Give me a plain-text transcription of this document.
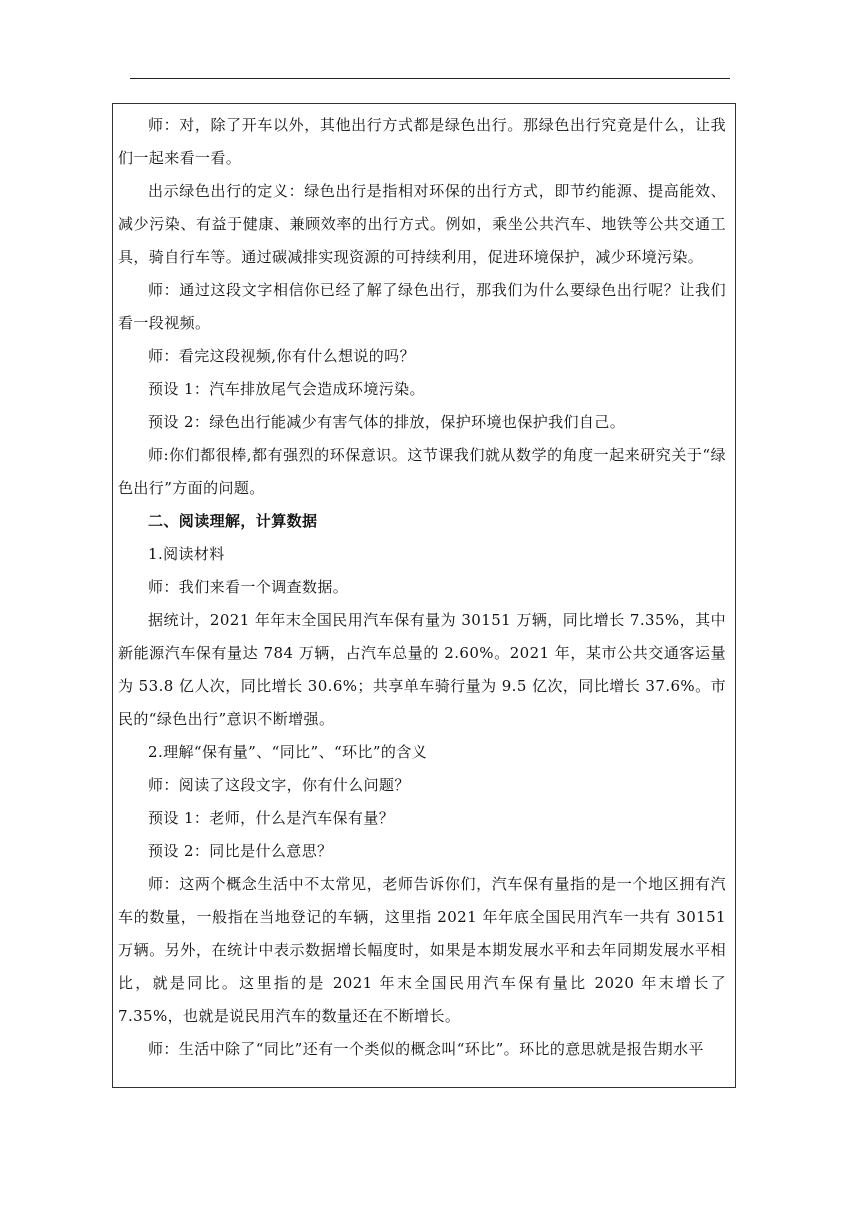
师：对，除了开车以外，其他出行方式都是绿色出行。那绿色出行究竟是什么，让我们一起来看一看。

出示绿色出行的定义：绿色出行是指相对环保的出行方式，即节约能源、提高能效、减少污染、有益于健康、兼顾效率的出行方式。例如，乘坐公共汽车、地铁等公共交通工具，骑自行车等。通过碳减排实现资源的可持续利用，促进环境保护，减少环境污染。

师：通过这段文字相信你已经了解了绿色出行，那我们为什么要绿色出行呢？让我们看一段视频。

师：看完这段视频,你有什么想说的吗？

预设 1：汽车排放尾气会造成环境污染。

预设 2：绿色出行能减少有害气体的排放，保护环境也保护我们自己。

师:你们都很棒,都有强烈的环保意识。这节课我们就从数学的角度一起来研究关于“绿色出行”方面的问题。

二、阅读理解，计算数据

1.阅读材料

师：我们来看一个调查数据。

据统计，2021 年年末全国民用汽车保有量为 30151 万辆，同比增长 7.35%，其中新能源汽车保有量达 784 万辆，占汽车总量的 2.60%。2021 年，某市公共交通客运量为 53.8 亿人次，同比增长 30.6%；共享单车骑行量为 9.5 亿次，同比增长 37.6%。市民的“绿色出行”意识不断增强。

2.理解“保有量”、“同比”、“环比”的含义

师：阅读了这段文字，你有什么问题？

预设 1：老师，什么是汽车保有量？

预设 2：同比是什么意思？

师：这两个概念生活中不太常见，老师告诉你们，汽车保有量指的是一个地区拥有汽车的数量，一般指在当地登记的车辆，这里指 2021 年年底全国民用汽车一共有 30151 万辆。另外，在统计中表示数据增长幅度时，如果是本期发展水平和去年同期发展水平相比，就是同比。这里指的是 2021 年末全国民用汽车保有量比 2020 年末增长了 7.35%，也就是说民用汽车的数量还在不断增长。

师：生活中除了“同比”还有一个类似的概念叫“环比”。环比的意思就是报告期水平
